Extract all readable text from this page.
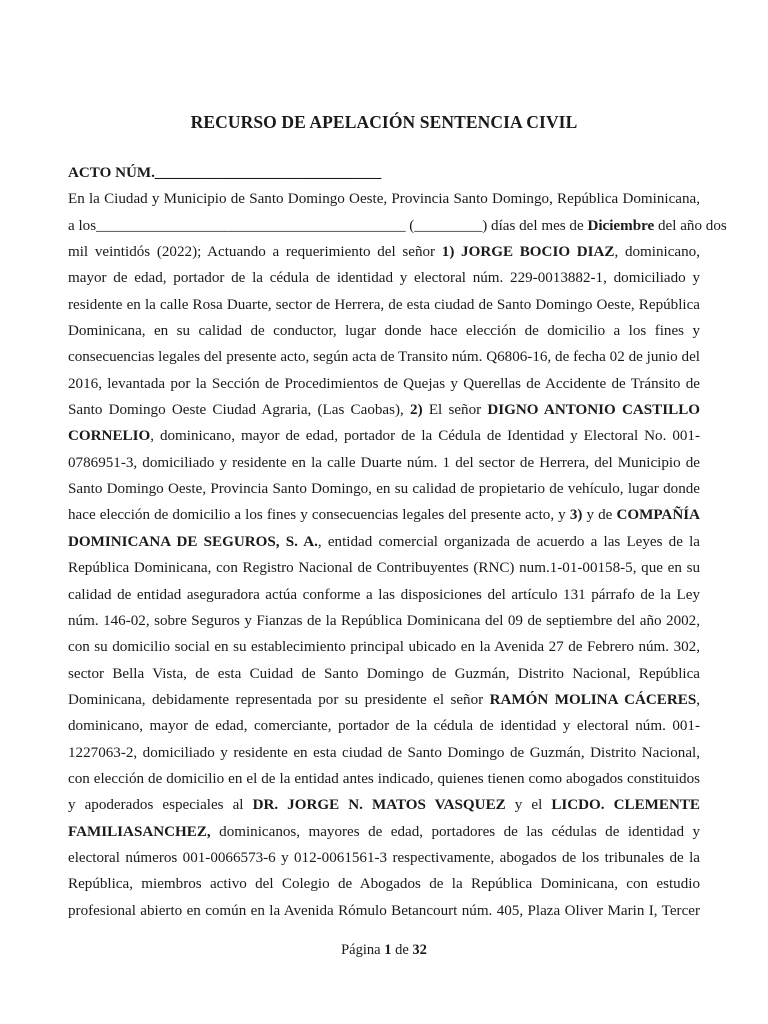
RECURSO DE APELACIÓN SENTENCIA CIVIL
ACTO NÚM.______________________________
En la Ciudad y Municipio de Santo Domingo Oeste, Provincia Santo Domingo, República Dominicana,
a los_________________________________________ (_________) días del mes de Diciembre del año dos
mil veintidós (2022); Actuando a requerimiento del señor 1) JORGE BOCIO DIAZ, dominicano,
mayor de edad, portador de la cédula de identidad y electoral núm. 229-0013882-1, domiciliado y
residente en la calle Rosa Duarte, sector de Herrera, de esta ciudad de Santo Domingo Oeste, República
Dominicana, en su calidad de conductor, lugar donde hace elección de domicilio a los fines y
consecuencias legales del presente acto, según acta de Transito núm. Q6806-16, de fecha 02 de junio del
2016, levantada por la Sección de Procedimientos de Quejas y Querellas de Accidente de Tránsito de
Santo Domingo Oeste Ciudad Agraria, (Las Caobas), 2) El señor DIGNO ANTONIO CASTILLO
CORNELIO, dominicano, mayor de edad, portador de la Cédula de Identidad y Electoral No. 001-
0786951-3, domiciliado y residente en la calle Duarte núm. 1 del sector de Herrera, del Municipio de
Santo Domingo Oeste, Provincia Santo Domingo, en su calidad de propietario de vehículo, lugar donde
hace elección de domicilio a los fines y consecuencias legales del presente acto, y 3) y de COMPAÑÍA
DOMINICANA DE SEGUROS, S. A., entidad comercial organizada de acuerdo a las Leyes de la
República Dominicana, con Registro Nacional de Contribuyentes (RNC) num.1-01-00158-5, que en su
calidad de entidad aseguradora actúa conforme a las disposiciones del artículo 131 párrafo de la Ley
núm. 146-02, sobre Seguros y Fianzas de la República Dominicana del 09 de septiembre del año 2002,
con su domicilio social en su establecimiento principal ubicado en la Avenida 27 de Febrero núm. 302,
sector Bella Vista, de esta Cuidad de Santo Domingo de Guzmán, Distrito Nacional, República
Dominicana, debidamente representada por su presidente el señor RAMÓN MOLINA CÁCERES,
dominicano, mayor de edad, comerciante, portador de la cédula de identidad y electoral núm. 001-
1227063-2, domiciliado y residente en esta ciudad de Santo Domingo de Guzmán, Distrito Nacional,
con elección de domicilio en el de la entidad antes indicado, quienes tienen como abogados constituidos
y apoderados especiales al DR. JORGE N. MATOS VASQUEZ y el LICDO. CLEMENTE
FAMILIASANCHEZ, dominicanos, mayores de edad, portadores de las cédulas de identidad y
electoral números 001-0066573-6 y 012-0061561-3 respectivamente, abogados de los tribunales de la
República, miembros activo del Colegio de Abogados de la República Dominicana, con estudio
profesional abierto en común en la Avenida Rómulo Betancourt núm. 405, Plaza Oliver Marin I, Tercer
Página 1 de 32
